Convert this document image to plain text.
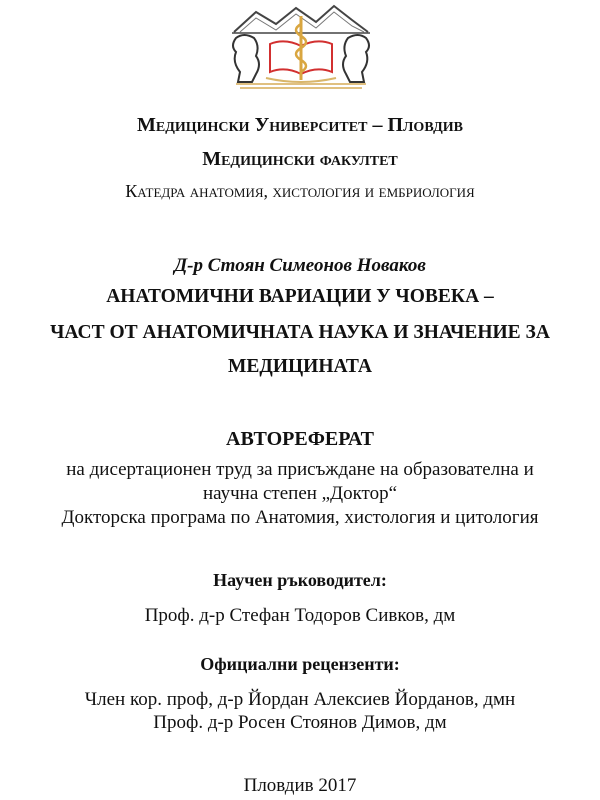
Медицински Университет – Пловдив
Медицински факултет
Катедра анатомия, хистология и ембриология
Д-р Стоян Симеонов Новаков
АНАТОМИЧНИ ВАРИАЦИИ У ЧОВЕКА –
ЧАСТ ОТ АНАТОМИЧНАТА НАУКА И ЗНАЧЕНИЕ ЗА
МЕДИЦИНАТА
АВТОРЕФЕРАТ
на дисертационен труд за присъждане на образователна и
научна степен „Доктор“
Докторска програма по Анатомия, хистология и цитология
Научен ръководител:
Проф. д-р Стефан Тодоров Сивков, дм
Официални рецензенти:
Член кор. проф, д-р Йордан Алексиев Йорданов, дмн
Проф. д-р Росен Стоянов Димов, дм
Пловдив 2017
